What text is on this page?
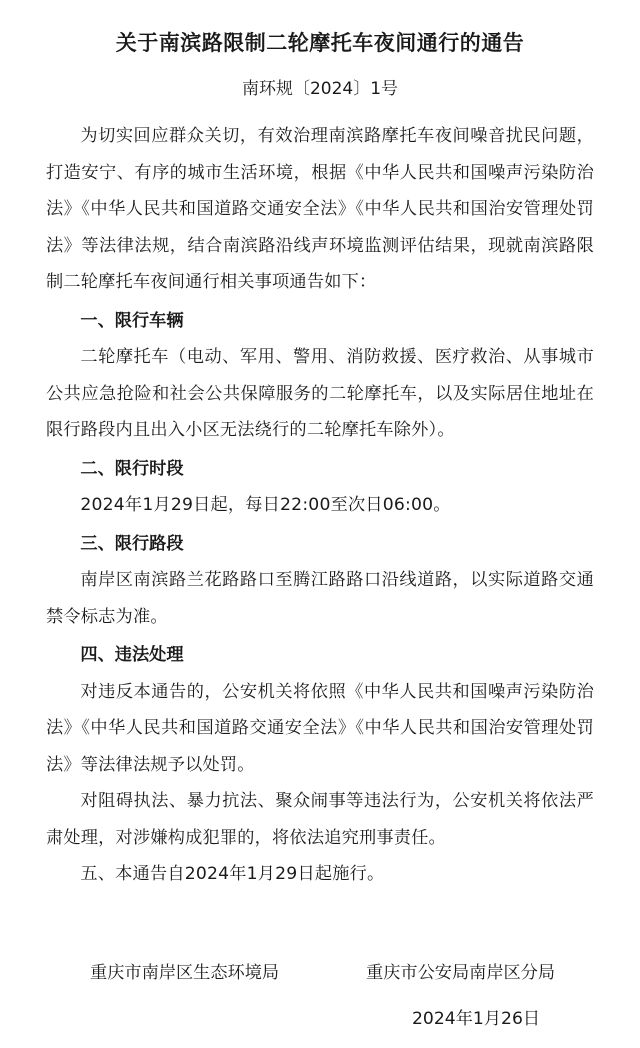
关于南滨路限制二轮摩托车夜间通行的通告
南环规〔2024〕1号

为切实回应群众关切，有效治理南滨路摩托车夜间噪音扰民问题，打造安宁、有序的城市生活环境，根据《中华人民共和国噪声污染防治法》《中华人民共和国道路交通安全法》《中华人民共和国治安管理处罚法》等法律法规，结合南滨路沿线声环境监测评估结果，现就南滨路限制二轮摩托车夜间通行相关事项通告如下：

一、限行车辆

二轮摩托车（电动、军用、警用、消防救援、医疗救治、从事城市公共应急抢险和社会公共保障服务的二轮摩托车，以及实际居住地址在限行路段内且出入小区无法绕行的二轮摩托车除外）。

二、限行时段

2024年1月29日起，每日22:00至次日06:00。

三、限行路段

南岸区南滨路兰花路路口至腾江路路口沿线道路，以实际道路交通禁令标志为准。

四、违法处理

对违反本通告的，公安机关将依照《中华人民共和国噪声污染防治法》《中华人民共和国道路交通安全法》《中华人民共和国治安管理处罚法》等法律法规予以处罚。

对阻碍执法、暴力抗法、聚众闹事等违法行为，公安机关将依法严肃处理，对涉嫌构成犯罪的，将依法追究刑事责任。

五、本通告自2024年1月29日起施行。

重庆市南岸区生态环境局	重庆市公安局南岸区分局
2024年1月26日
